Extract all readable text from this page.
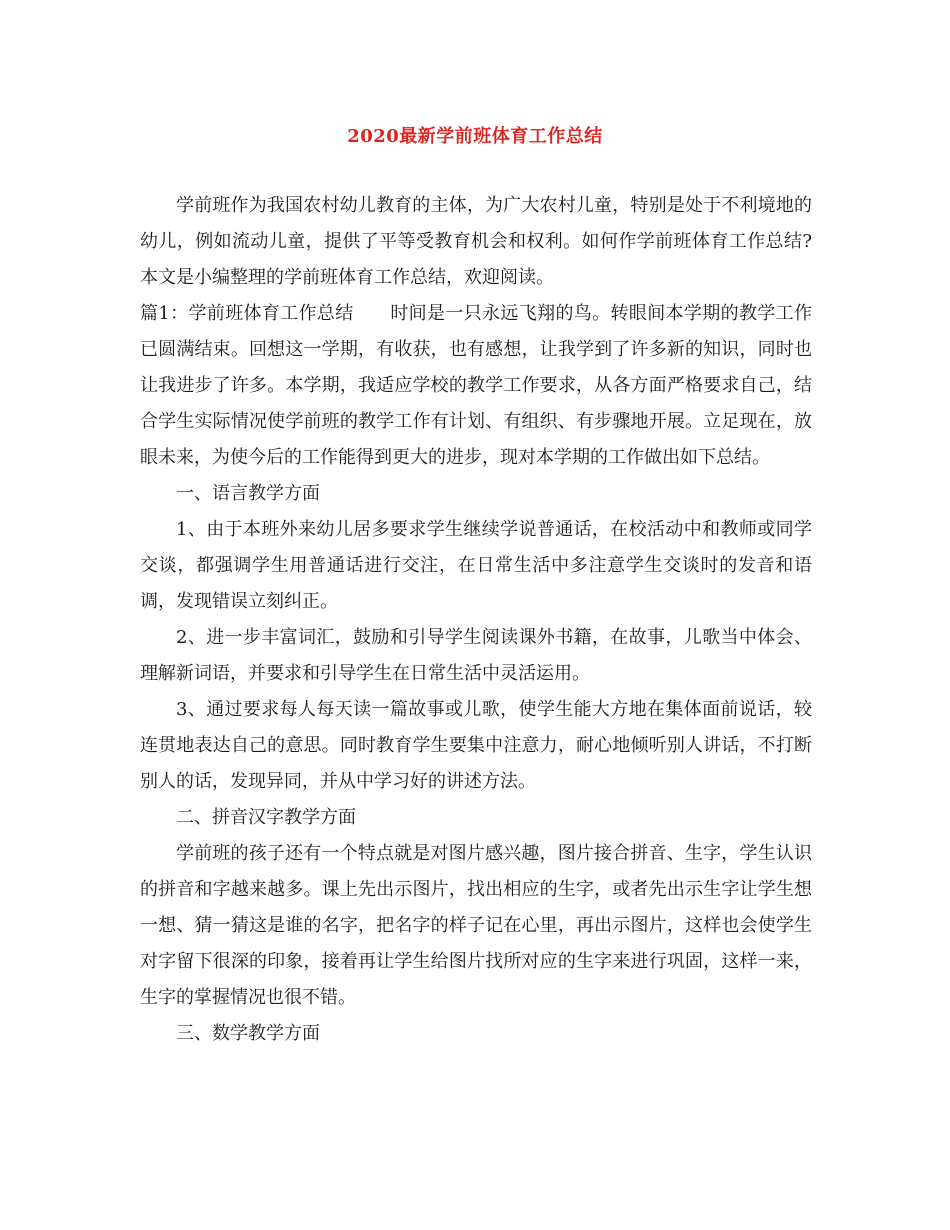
2020最新学前班体育工作总结

学前班作为我国农村幼儿教育的主体，为广大农村儿童，特别是处于不利境地的幼儿，例如流动儿童，提供了平等受教育机会和权利。如何作学前班体育工作总结?本文是小编整理的学前班体育工作总结，欢迎阅读。

篇1：学前班体育工作总结　　时间是一只永远飞翔的鸟。转眼间本学期的教学工作已圆满结束。回想这一学期，有收获，也有感想，让我学到了许多新的知识，同时也让我进步了许多。本学期，我适应学校的教学工作要求，从各方面严格要求自己，结合学生实际情况使学前班的教学工作有计划、有组织、有步骤地开展。立足现在，放眼未来，为使今后的工作能得到更大的进步，现对本学期的工作做出如下总结。

一、语言教学方面

1、由于本班外来幼儿居多要求学生继续学说普通话，在校活动中和教师或同学交谈，都强调学生用普通话进行交注，在日常生活中多注意学生交谈时的发音和语调，发现错误立刻纠正。

2、进一步丰富词汇，鼓励和引导学生阅读课外书籍，在故事，儿歌当中体会、理解新词语，并要求和引导学生在日常生活中灵活运用。

3、通过要求每人每天读一篇故事或儿歌，使学生能大方地在集体面前说话，较连贯地表达自己的意思。同时教育学生要集中注意力，耐心地倾听别人讲话，不打断别人的话，发现异同，并从中学习好的讲述方法。

二、拼音汉字教学方面

学前班的孩子还有一个特点就是对图片感兴趣，图片接合拼音、生字，学生认识的拼音和字越来越多。课上先出示图片，找出相应的生字，或者先出示生字让学生想一想、猜一猜这是谁的名字，把名字的样子记在心里，再出示图片，这样也会使学生对字留下很深的印象，接着再让学生给图片找所对应的生字来进行巩固，这样一来，生字的掌握情况也很不错。

三、数学教学方面
